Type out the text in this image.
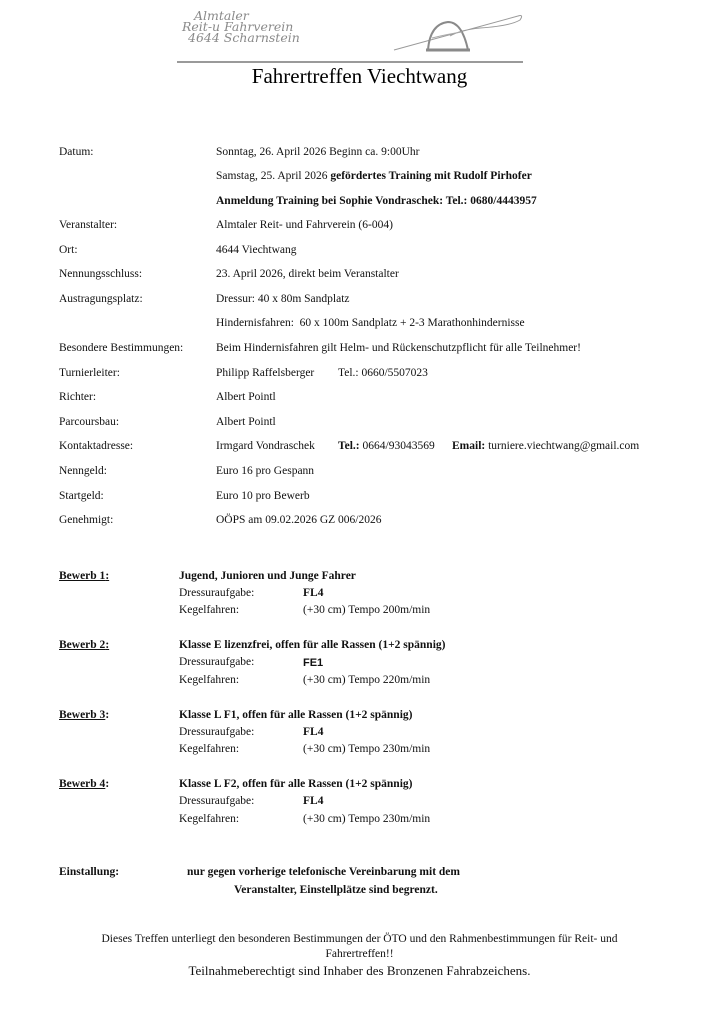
Almtaler
Reit-u Fahrverein
4644 Scharnstein
Fahrertreffen Viechtwang
Datum:	Sonntag, 26. April 2026 Beginn ca. 9:00Uhr
Samstag, 25. April 2026 gefördertes Training mit Rudolf Pirhofer
Anmeldung Training bei Sophie Vondraschek: Tel.: 0680/4443957
Veranstalter:	Almtaler Reit- und Fahrverein (6-004)
Ort:	4644 Viechtwang
Nennungsschluss:	23. April 2026, direkt beim Veranstalter
Austragungsplatz:	Dressur: 40 x 80m Sandplatz
Hindernisfahren:  60 x 100m Sandplatz + 2-3 Marathonhindernisse
Besondere Bestimmungen:	Beim Hindernisfahren gilt Helm- und Rückenschutzpflicht für alle Teilnehmer!
Turnierleiter:	Philipp Raffelsberger Tel.: 0660/5507023
Richter:	Albert Pointl
Parcoursbau:	Albert Pointl
Kontaktadresse:	Irmgard Vondraschek Tel.: 0664/93043569 Email: turniere.viechtwang@gmail.com
Nenngeld:	Euro 16 pro Gespann
Startgeld:	Euro 10 pro Bewerb
Genehmigt:	OÖPS am 09.02.2026 GZ 006/2026
Bewerb 1:	Jugend, Junioren und Junge Fahrer
Dressuraufgabe:	FL4
Kegelfahren:	(+30 cm) Tempo 200m/min
Bewerb 2:	Klasse E lizenzfrei, offen für alle Rassen (1+2 spännig)
Dressuraufgabe:	FE1
Kegelfahren:	(+30 cm) Tempo 220m/min
Bewerb 3:	Klasse L F1, offen für alle Rassen (1+2 spännig)
Dressuraufgabe:	FL4
Kegelfahren:	(+30 cm) Tempo 230m/min
Bewerb 4:	Klasse L F2, offen für alle Rassen (1+2 spännig)
Dressuraufgabe:	FL4
Kegelfahren:	(+30 cm) Tempo 230m/min
Einstallung:	nur gegen vorherige telefonische Vereinbarung mit dem
Veranstalter, Einstellplätze sind begrenzt.
Dieses Treffen unterliegt den besonderen Bestimmungen der ÖTO und den Rahmenbestimmungen für Reit- und
Fahrertreffen!!
Teilnahmeberechtigt sind Inhaber des Bronzenen Fahrabzeichens.
